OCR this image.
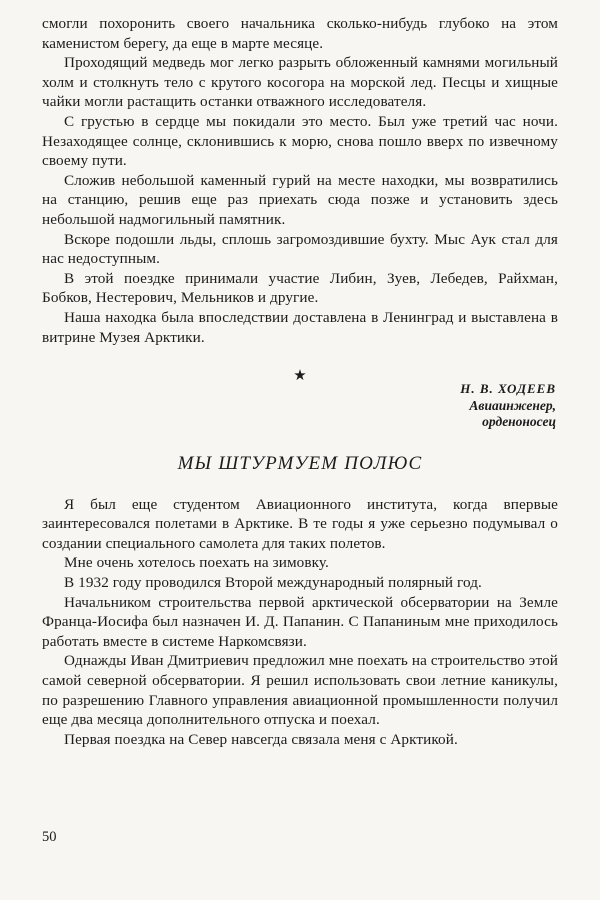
смогли похоронить своего начальника сколько-нибудь глубоко на этом каменистом берегу, да еще в марте месяце.

Проходящий медведь мог легко разрыть обложенный камнями могильный холм и столкнуть тело с крутого косогора на морской лед. Песцы и хищные чайки могли растащить останки отважного исследователя.

С грустью в сердце мы покидали это место. Был уже третий час ночи. Незаходящее солнце, склонившись к морю, снова пошло вверх по извечному своему пути.

Сложив небольшой каменный гурий на месте находки, мы возвратились на станцию, решив еще раз приехать сюда позже и установить здесь небольшой надмогильный памятник.

Вскоре подошли льды, сплошь загромоздившие бухту. Мыс Аук стал для нас недоступным.

В этой поездке принимали участие Либин, Зуев, Лебедев, Райхман, Бобков, Нестерович, Мельников и другие.

Наша находка была впоследствии доставлена в Ленинград и выставлена в витрине Музея Арктики.

★
Н. В. ХОДЕЕВ
Авиаинженер,
орденоносец
МЫ ШТУРМУЕМ ПОЛЮС

Я был еще студентом Авиационного института, когда впервые заинтересовался полетами в Арктике. В те годы я уже серьезно подумывал о создании специального самолета для таких полетов.

Мне очень хотелось поехать на зимовку.

В 1932 году проводился Второй международный полярный год.

Начальником строительства первой арктической обсерватории на Земле Франца-Иосифа был назначен И. Д. Папанин. С Папаниным мне приходилось работать вместе в системе Наркомсвязи.

Однажды Иван Дмитриевич предложил мне поехать на строительство этой самой северной обсерватории. Я решил использовать свои летние каникулы, по разрешению Главного управления авиационной промышленности получил еще два месяца дополнительного отпуска и поехал.

Первая поездка на Север навсегда связала меня с Арктикой.

50
